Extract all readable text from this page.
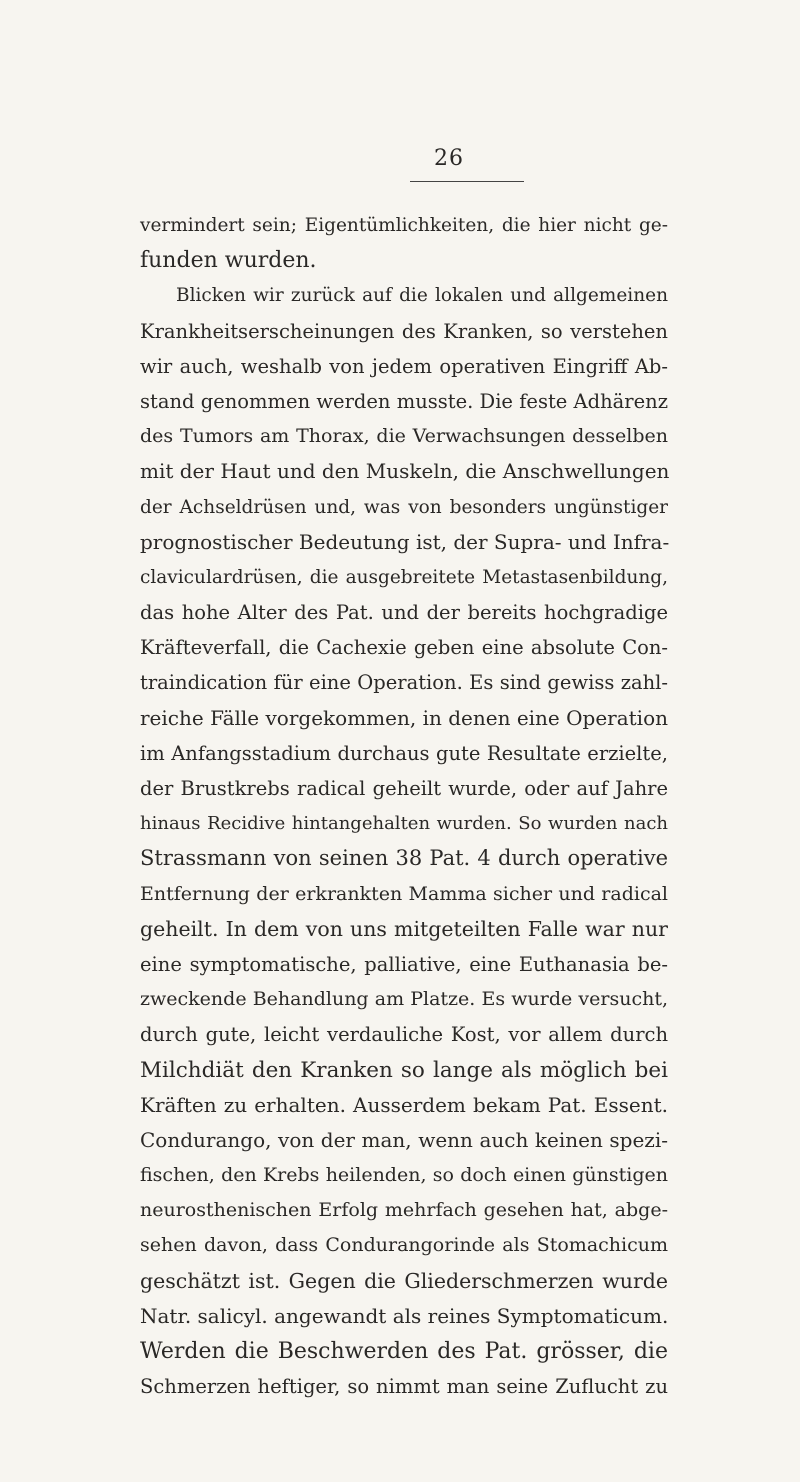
26
vermindert sein; Eigentümlichkeiten, die hier nicht ge-
funden wurden.
Blicken wir zurück auf die lokalen und allgemeinen
Krankheitserscheinungen des Kranken, so verstehen
wir auch, weshalb von jedem operativen Eingriff Ab-
stand genommen werden musste. Die feste Adhärenz
des Tumors am Thorax, die Verwachsungen desselben
mit der Haut und den Muskeln, die Anschwellungen
der Achseldrüsen und, was von besonders ungünstiger
prognostischer Bedeutung ist, der Supra- und Infra-
claviculardrüsen, die ausgebreitete Metastasenbildung,
das hohe Alter des Pat. und der bereits hochgradige
Kräfteverfall, die Cachexie geben eine absolute Con-
traindication für eine Operation. Es sind gewiss zahl-
reiche Fälle vorgekommen, in denen eine Operation
im Anfangsstadium durchaus gute Resultate erzielte,
der Brustkrebs radical geheilt wurde, oder auf Jahre
hinaus Recidive hintangehalten wurden. So wurden nach
Strassmann von seinen 38 Pat. 4 durch operative
Entfernung der erkrankten Mamma sicher und radical
geheilt. In dem von uns mitgeteilten Falle war nur
eine symptomatische, palliative, eine Euthanasia be-
zweckende Behandlung am Platze. Es wurde versucht,
durch gute, leicht verdauliche Kost, vor allem durch
Milchdiät den Kranken so lange als möglich bei
Kräften zu erhalten. Ausserdem bekam Pat. Essent.
Condurango, von der man, wenn auch keinen spezi-
fischen, den Krebs heilenden, so doch einen günstigen
neurosthenischen Erfolg mehrfach gesehen hat, abge-
sehen davon, dass Condurangorinde als Stomachicum
geschätzt ist. Gegen die Gliederschmerzen wurde
Natr. salicyl. angewandt als reines Symptomaticum.
Werden die Beschwerden des Pat. grösser, die
Schmerzen heftiger, so nimmt man seine Zuflucht zu
